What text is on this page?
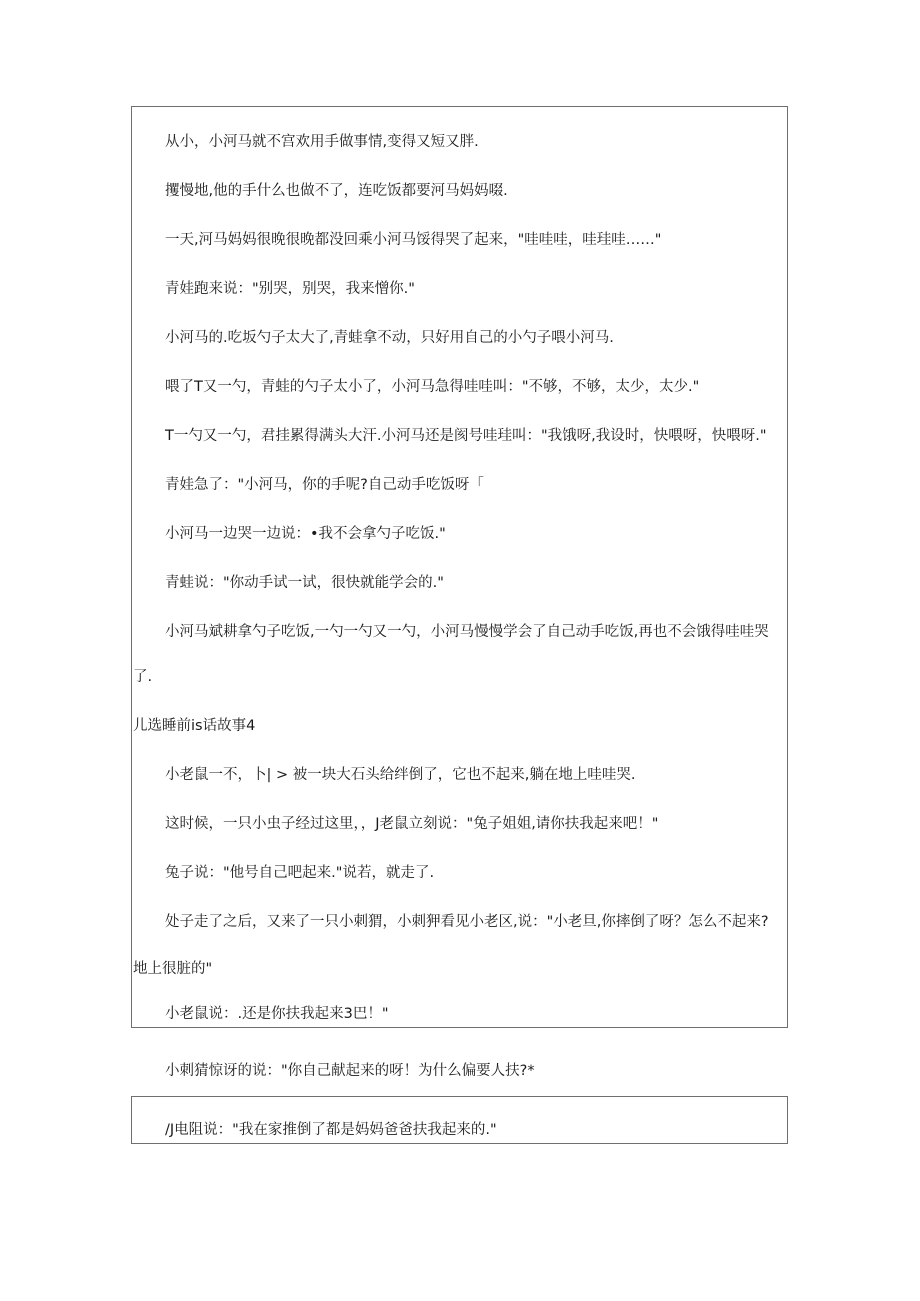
从小，小河马就不宫欢用手做事情,变得又短又胖.
攫慢地,他的手什么也做不了，连吃饭都要河马妈妈啜.
一天,河马妈妈很晚很晚都没回乘小河马馁得哭了起来，"哇哇哇，哇珪哇……"
青娃跑来说："别哭，别哭，我来憎你."
小河马的.吃坂勺子太大了,青蛙拿不动，只好用自己的小勺子喂小河马.
喂了T又一勺，青蛙的勺子太小了，小河马急得哇哇叫："不够，不够，太少，太少."
T一勺又一勺，君挂累得满头大汗.小河马还是阂号哇珪叫："我饿呀,我设时，快喂呀，快喂呀."
青娃急了："小河马，你的手呢?自己动手吃饭呀「
小河马一边哭一边说：•我不会拿勺子吃饭."
青蛙说："你动手试一试，很快就能学会的."
小河马斌耕拿勺子吃饭,一勺一勺又一勺，小河马慢慢学会了自己动手吃饭,再也不会饿得哇哇哭
了.
儿选睡前is话故事4
小老鼠一不，卜| > 被一块大石头给绊倒了，它也不起来,躺在地上哇哇哭.
这时候，一只小虫子经过这里，，J老鼠立刻说："兔子姐姐,请你扶我起来吧！"
兔子说："他号自己吧起来."说若，就走了.
处子走了之后，又来了一只小刺猬，小刺狎看见小老区,说："小老旦,你摔倒了呀？怎么不起来?
地上很脏的"
小老鼠说：.还是你扶我起来3巴！"
小刺猜惊讶的说："你自己献起来的呀！为什么偏要人扶?*
/J电阻说："我在家推倒了都是妈妈爸爸扶我起来的."
